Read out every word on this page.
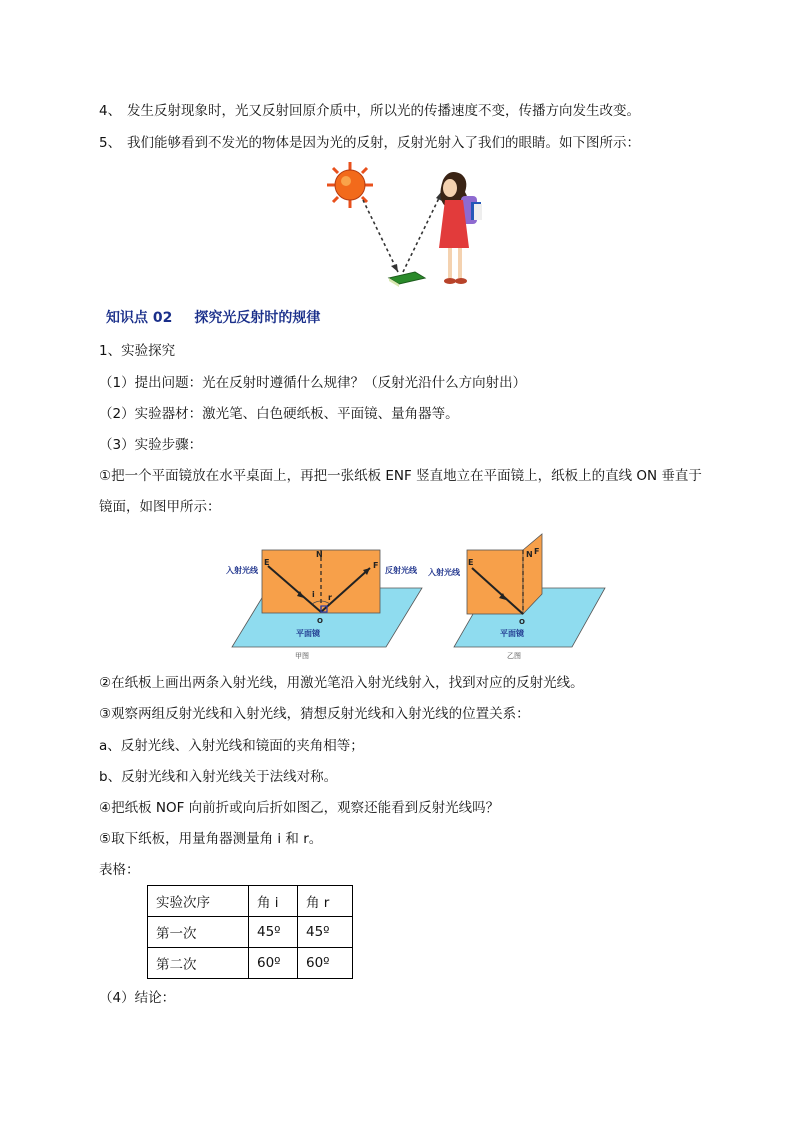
4、 发生反射现象时，光又反射回原介质中，所以光的传播速度不变，传播方向发生改变。
5、 我们能够看到不发光的物体是因为光的反射，反射光射入了我们的眼睛。如下图所示：
知识点 02 探究光反射时的规律
1、实验探究
（1）提出问题：光在反射时遵循什么规律？（反射光沿什么方向射出）
（2）实验器材：激光笔、白色硬纸板、平面镜、量角器等。
（3）实验步骤：
①把一个平面镜放在水平桌面上，再把一张纸板 ENF 竖直地立在平面镜上，纸板上的直线 ON 垂直于
镜面，如图甲所示：
E
N
F
i r
O
入射光线	反射光线
平面镜
甲图
E
N F
O
入射光线
平面镜
乙图
②在纸板上画出两条入射光线，用激光笔沿入射光线射入，找到对应的反射光线。
③观察两组反射光线和入射光线，猜想反射光线和入射光线的位置关系：
a、反射光线、入射光线和镜面的夹角相等；
b、反射光线和入射光线关于法线对称。
④把纸板 NOF 向前折或向后折如图乙，观察还能看到反射光线吗？
⑤取下纸板，用量角器测量角 i 和 r。
表格：
实验次序	角 i	角 r
第一次	45º	45º
第二次	60º	60º
（4）结论：
